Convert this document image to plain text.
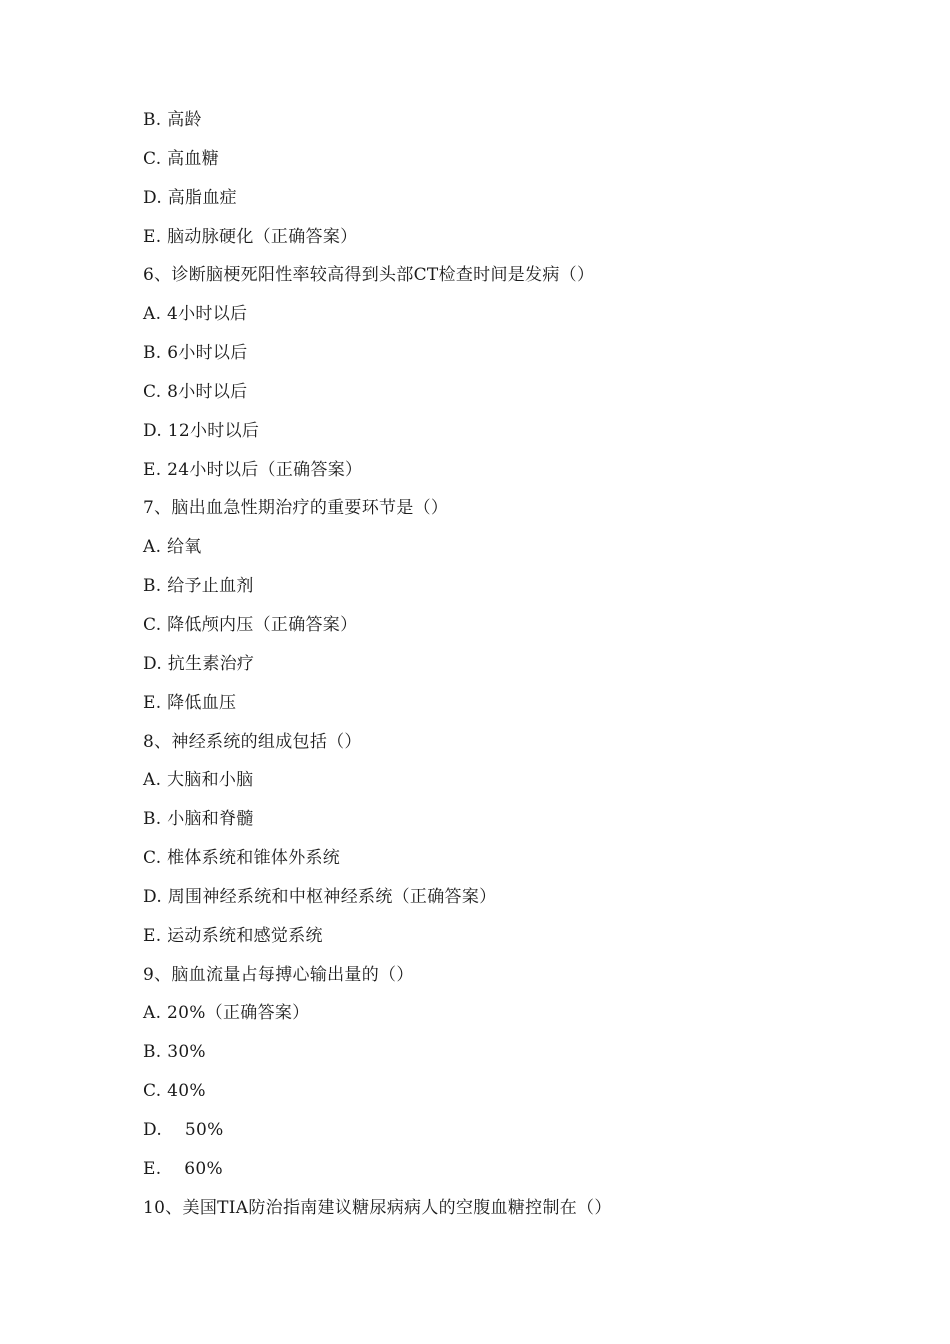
B. 高龄
C. 高血糖
D. 高脂血症
E. 脑动脉硬化（正确答案）
6、诊断脑梗死阳性率较高得到头部CT检查时间是发病（）
A. 4小时以后
B. 6小时以后
C. 8小时以后
D. 12小时以后
E. 24小时以后（正确答案）
7、脑出血急性期治疗的重要环节是（）
A. 给氧
B. 给予止血剂
C. 降低颅内压（正确答案）
D. 抗生素治疗
E. 降低血压
8、神经系统的组成包括（）
A. 大脑和小脑
B. 小脑和脊髓
C. 椎体系统和锥体外系统
D. 周围神经系统和中枢神经系统（正确答案）
E. 运动系统和感觉系统
9、脑血流量占每搏心输出量的（）
A. 20%（正确答案）
B. 30%
C. 40%
D.    50%
E.    60%
10、美国TIA防治指南建议糖尿病病人的空腹血糖控制在（）
